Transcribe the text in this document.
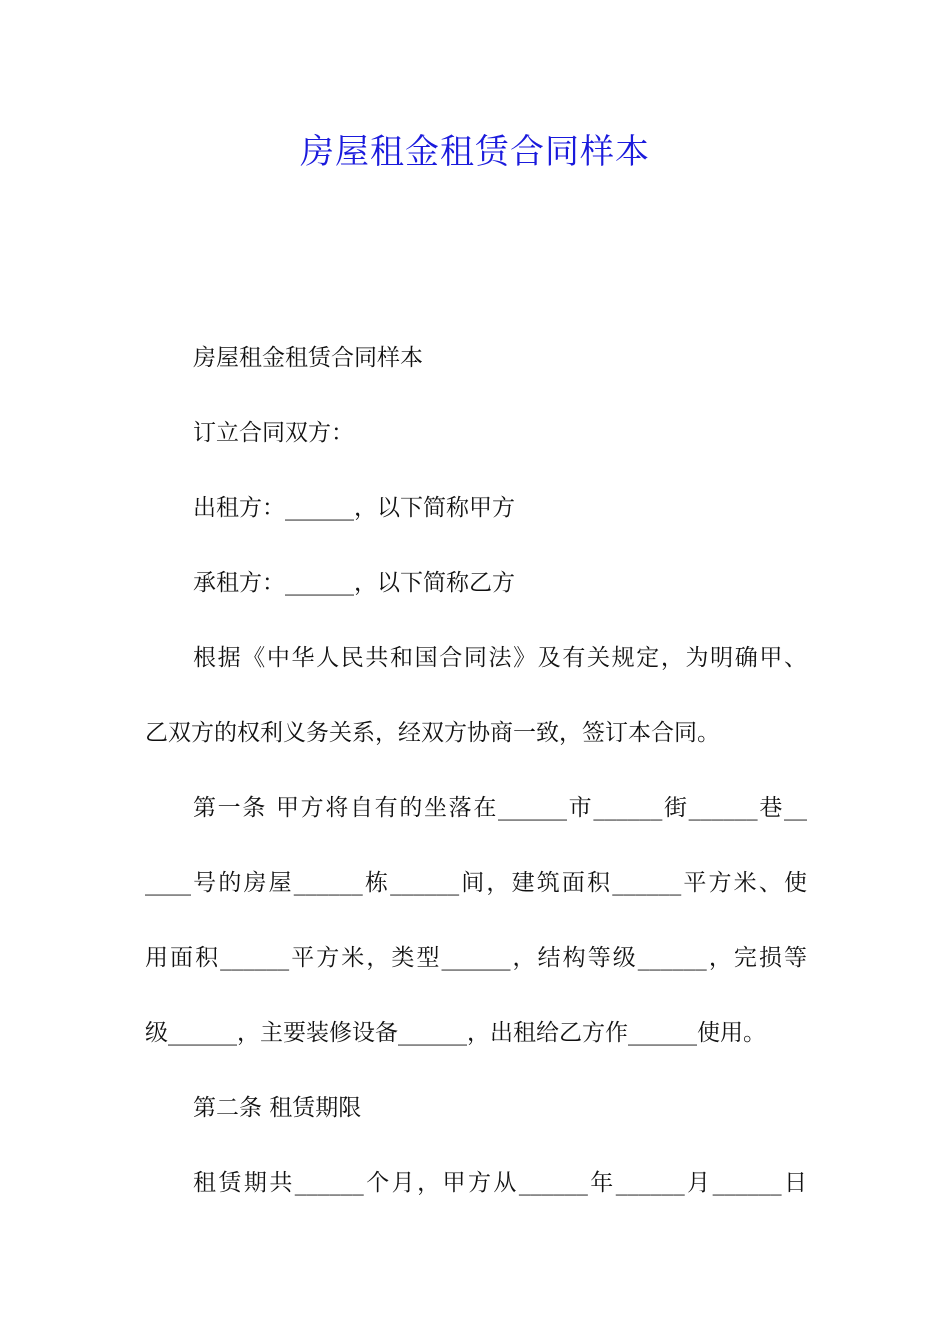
房屋租金租赁合同样本

房屋租金租赁合同样本

订立合同双方：

出租方：______，以下简称甲方

承租方：______，以下简称乙方

根据《中华人民共和国合同法》及有关规定，为明确甲、

乙双方的权利义务关系，经双方协商一致，签订本合同。

第一条 甲方将自有的坐落在______市______街______巷__

____号的房屋______栋______间，建筑面积______平方米、使

用面积______平方米，类型______，结构等级______，完损等

级______，主要装修设备______，出租给乙方作______使用。

第二条 租赁期限

租赁期共______个月，甲方从______年______月______日
